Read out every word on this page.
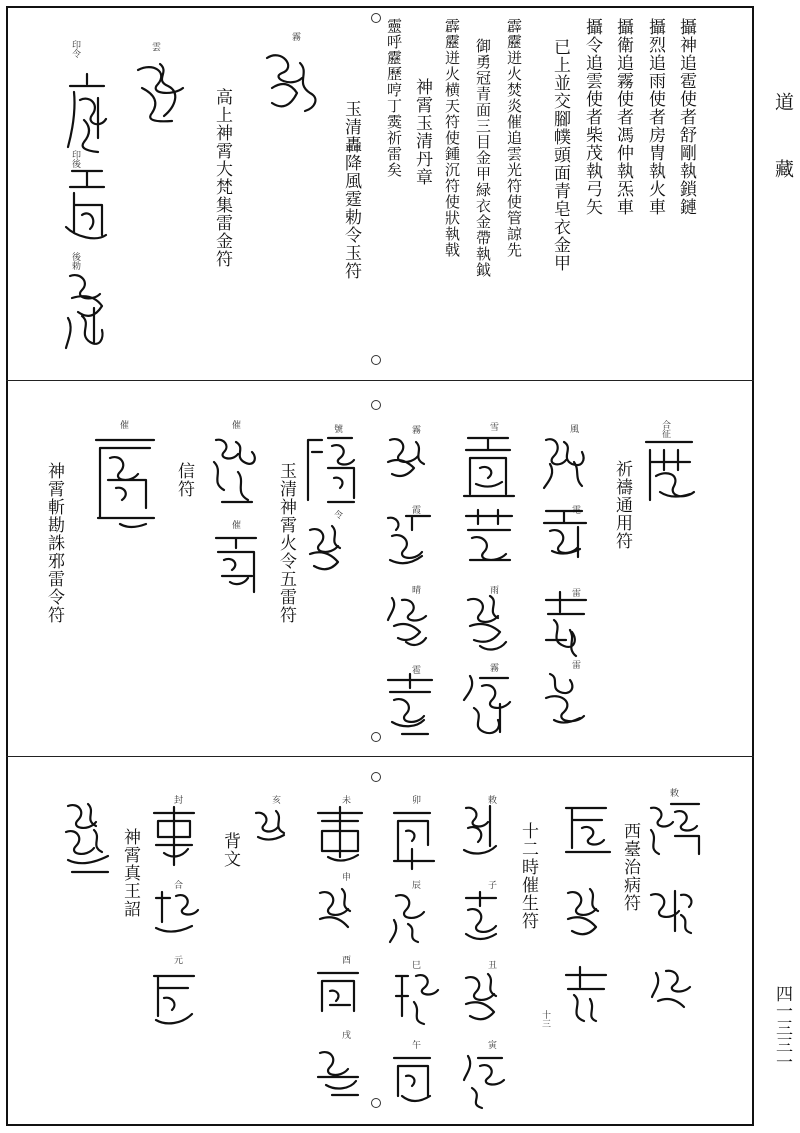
道藏
四一三三一
攝神追雹使者舒剛執鎖鏈
攝烈追雨使者房冑執火車
攝衛追霧使者馮仲執炁車
攝令追雲使者柴茂執弓矢
已上並交腳幞頭面青皂衣金甲
霹靂迸火焚炎催追雲光符使管諒先
御勇冠青面三目金甲緑衣金帶執鉞
霹靂迸火横天符使鍾沉符使狀執戟
神霄玉清丹章
靈呼靂歷哼丁霙祈雷矣
玉清轟降風霆勅令玉符
高上神霄大梵集雷金符
霧
雲
印令
印後
後勅
祈禱通用符
玉清神霄火令五雷符
信符
神霄斬勘誅邪雷令符
合征
風
雪
電
雷
雷
雨
霧
霞
霧
晴
雹
號
令
催
催
催
西臺治病符
十二時催生符
背文
神霄真王詔
敕
敕
子
丑
寅
卯
辰
巳
午
未
申
酉
戌
亥
封
合
元
十三
